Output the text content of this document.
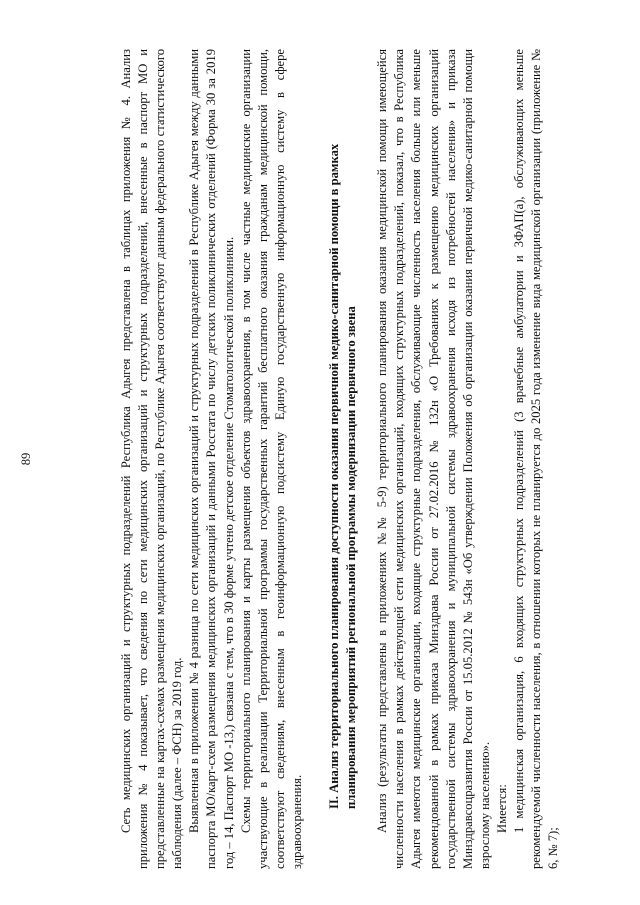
89	Сеть медицинских организаций и структурных подразделений Республика Адыгея представлена в таблицах приложения № 4. Анализ приложения № 4 показывает, что сведения по сети медицинских организаций и структурных подразделений, внесенные в паспорт МО и представленные на картах-схемах размещения медицинских организаций, по Республике Адыгея соответствуют данным федерального статистического наблюдения (далее – ФСН) за 2019 год. Выявленная в приложении № 4 разница по сети медицинских организаций и структурных подразделений в Республике Адыгея между данными паспорта МО/карт-схем размещения медицинских организаций и данными Росстата по числу детских поликлинических отделений (Форма 30 за 2019 год – 14, Паспорт МО -13,) связана с тем, что в 30 форме учтено детское отделение Стоматологической поликлиники. Схемы территориального планирования и карты размещения объектов здравоохранения, в том числе частные медицинские организации участвующие в реализации Территориальной программы государственных гарантий бесплатного оказания гражданам медицинской помощи, соответствуют сведениям, внесенным в геоинформационную подсистему Единую государственную информационную систему в сфере здравоохранения.

II. Анализ территориального планирования доступности оказания первичной медико-санитарной помощи в рамках планирования мероприятий региональной программы модернизации первичного звена Анализ (результаты представлены в приложениях №№ 5-9) территориального планирования оказания медицинской помощи имеющейся численности населения в рамках действующей сети медицинских организаций, входящих структурных подразделений, показал, что в Республика Адыгея имеются медицинские организации, входящие структурные подразделения, обслуживающие численность населения больше или меньше рекомендованной в рамках приказа Минздрава России от 27.02.2016 № 132н «О Требованиях к размещению медицинских организаций государственной системы здравоохранения и муниципальной системы здравоохранения исходя из потребностей населения» и приказа Минздравсоцразвития России от 15.05.2012 № 543н «Об утверждении Положения об организации оказания первичной медико-санитарной помощи взрослому населению». Имеется: 1 медицинская организация, 6 входящих структурных подразделений (3 врачебные амбулатории и 3ФАП(а), обслуживающих меньше рекомендуемой численности населения, в отношении которых не планируется до 2025 года изменение вида медицинской организации (приложение № 6, № 7);
